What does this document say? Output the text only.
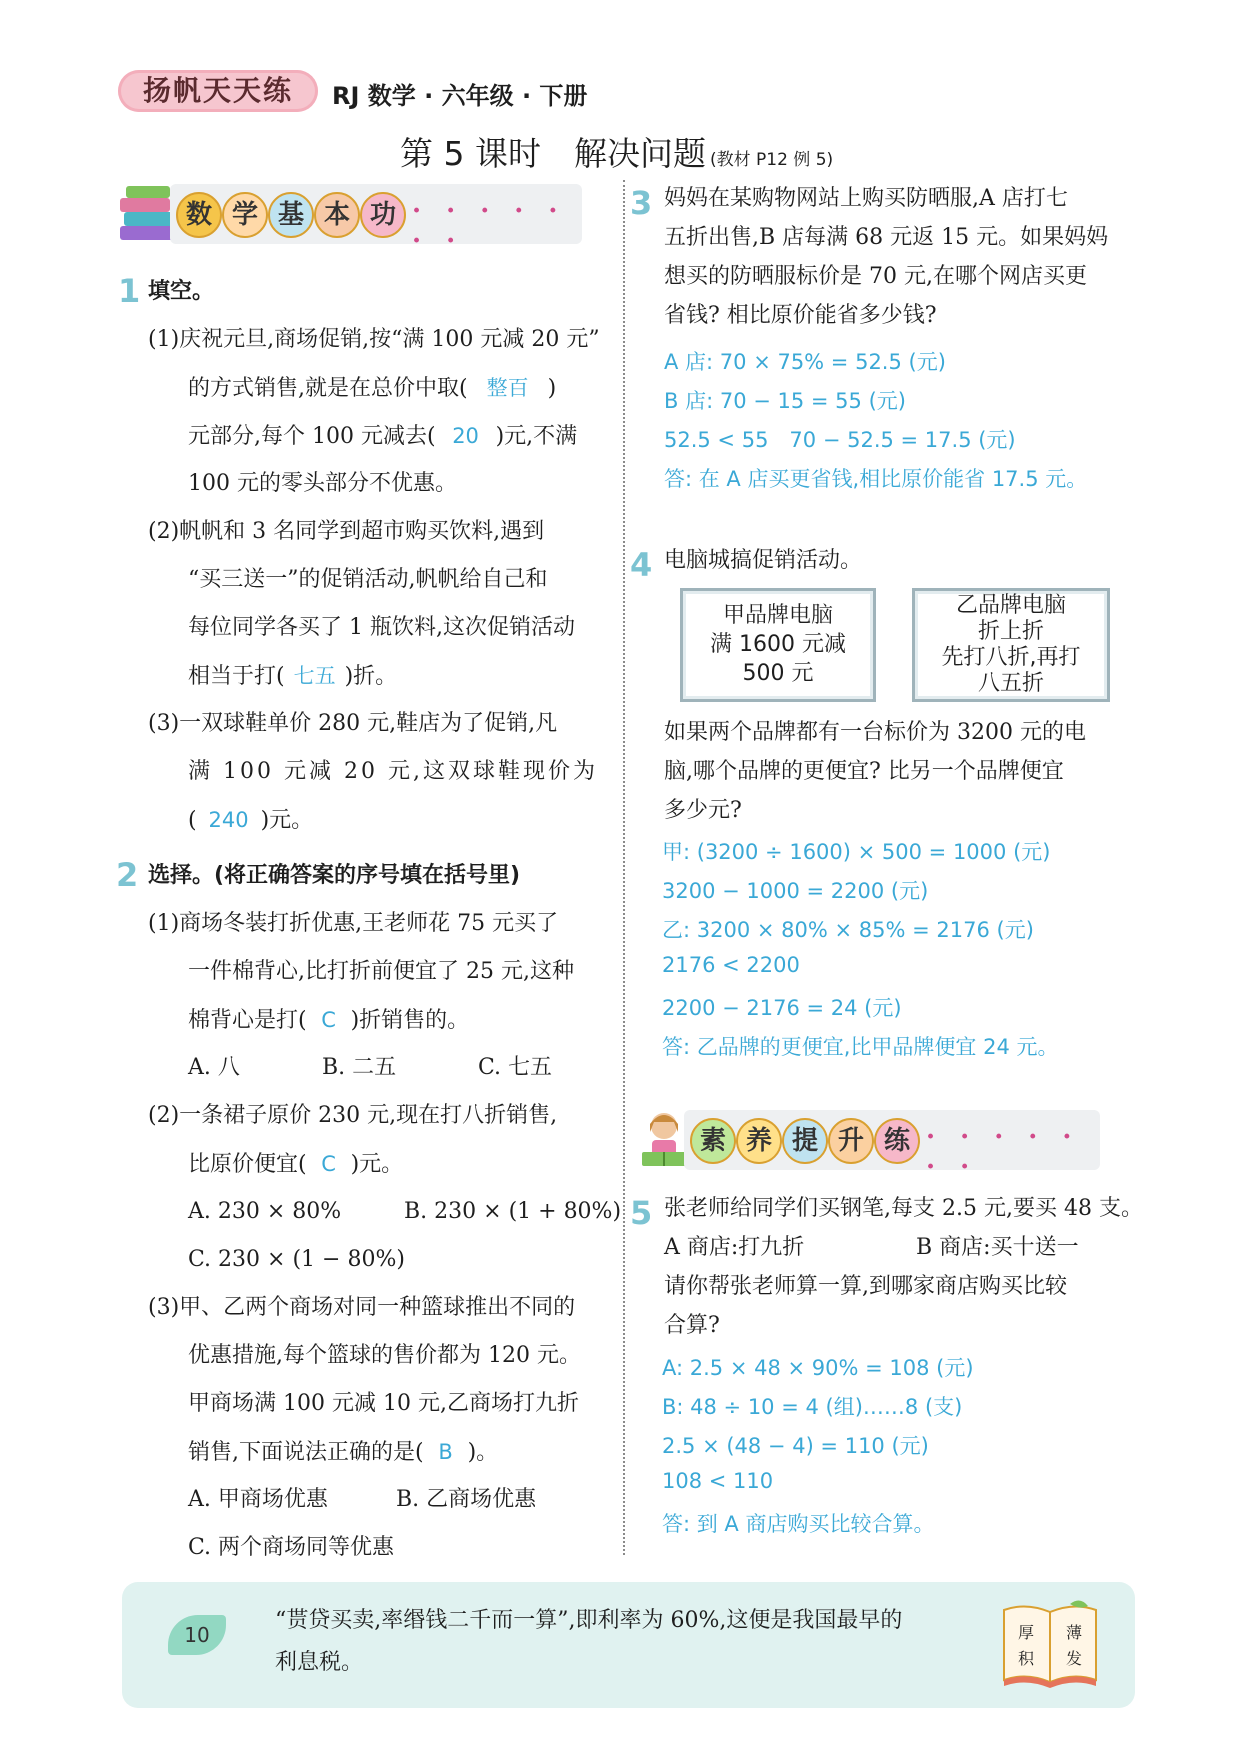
扬帆天天练	RJ 数学 · 六年级 · 下册
第 5 课时　解决问题 (教材 P12 例 5)
数 学 基 本 功 · · · · · · ·
1 填空。
(1)庆祝元旦,商场促销,按“满 100 元减 20 元”
的方式销售,就是在总价中取( 整百 )
元部分,每个 100 元减去( 20 )元,不满
100 元的零头部分不优惠。
(2)帆帆和 3 名同学到超市购买饮料,遇到
“买三送一”的促销活动,帆帆给自己和
每位同学各买了 1 瓶饮料,这次促销活动
相当于打( 七五 )折。
(3)一双球鞋单价 280 元,鞋店为了促销,凡
满 100 元减 20 元,这双球鞋现价为
( 240 )元。
2 选择。(将正确答案的序号填在括号里)
(1)商场冬装打折优惠,王老师花 75 元买了
一件棉背心,比打折前便宜了 25 元,这种
棉背心是打( C )折销售的。
A. 八	B. 二五	C. 七五
(2)一条裙子原价 230 元,现在打八折销售,
比原价便宜( C )元。
A. 230 × 80%	B. 230 × (1 + 80%)
C. 230 × (1 − 80%)
(3)甲、乙两个商场对同一种篮球推出不同的
优惠措施,每个篮球的售价都为 120 元。
甲商场满 100 元减 10 元,乙商场打九折
销售,下面说法正确的是( B )。
A. 甲商场优惠	B. 乙商场优惠
C. 两个商场同等优惠
3 妈妈在某购物网站上购买防晒服,A 店打七
五折出售,B 店每满 68 元返 15 元。如果妈妈
想买的防晒服标价是 70 元,在哪个网店买更
省钱? 相比原价能省多少钱?
A 店: 70 × 75% = 52.5 (元)
B 店: 70 − 15 = 55 (元)
52.5 < 55　70 − 52.5 = 17.5 (元)
答: 在 A 店买更省钱,相比原价能省 17.5 元。
4 电脑城搞促销活动。
甲品牌电脑
满 1600 元减
500 元
乙品牌电脑
折上折
先打八折,再打
八五折
如果两个品牌都有一台标价为 3200 元的电
脑,哪个品牌的更便宜? 比另一个品牌便宜
多少元?
甲: (3200 ÷ 1600) × 500 = 1000 (元)
3200 − 1000 = 2200 (元)
乙: 3200 × 80% × 85% = 2176 (元)
2176 < 2200
2200 − 2176 = 24 (元)
答: 乙品牌的更便宜,比甲品牌便宜 24 元。
素 养 提 升 练 · · · · · · ·
5 张老师给同学们买钢笔,每支 2.5 元,要买 48 支。
A 商店:打九折	B 商店:买十送一
请你帮张老师算一算,到哪家商店购买比较
合算?
A: 2.5 × 48 × 90% = 108 (元)
B: 48 ÷ 10 = 4 (组)……8 (支)
2.5 × (48 − 4) = 110 (元)
108 < 110
答: 到 A 商店购买比较合算。
10
“贳贷买卖,率缗钱二千而一算”,即利率为 60%,这便是我国最早的
利息税。
厚 薄
积 发
